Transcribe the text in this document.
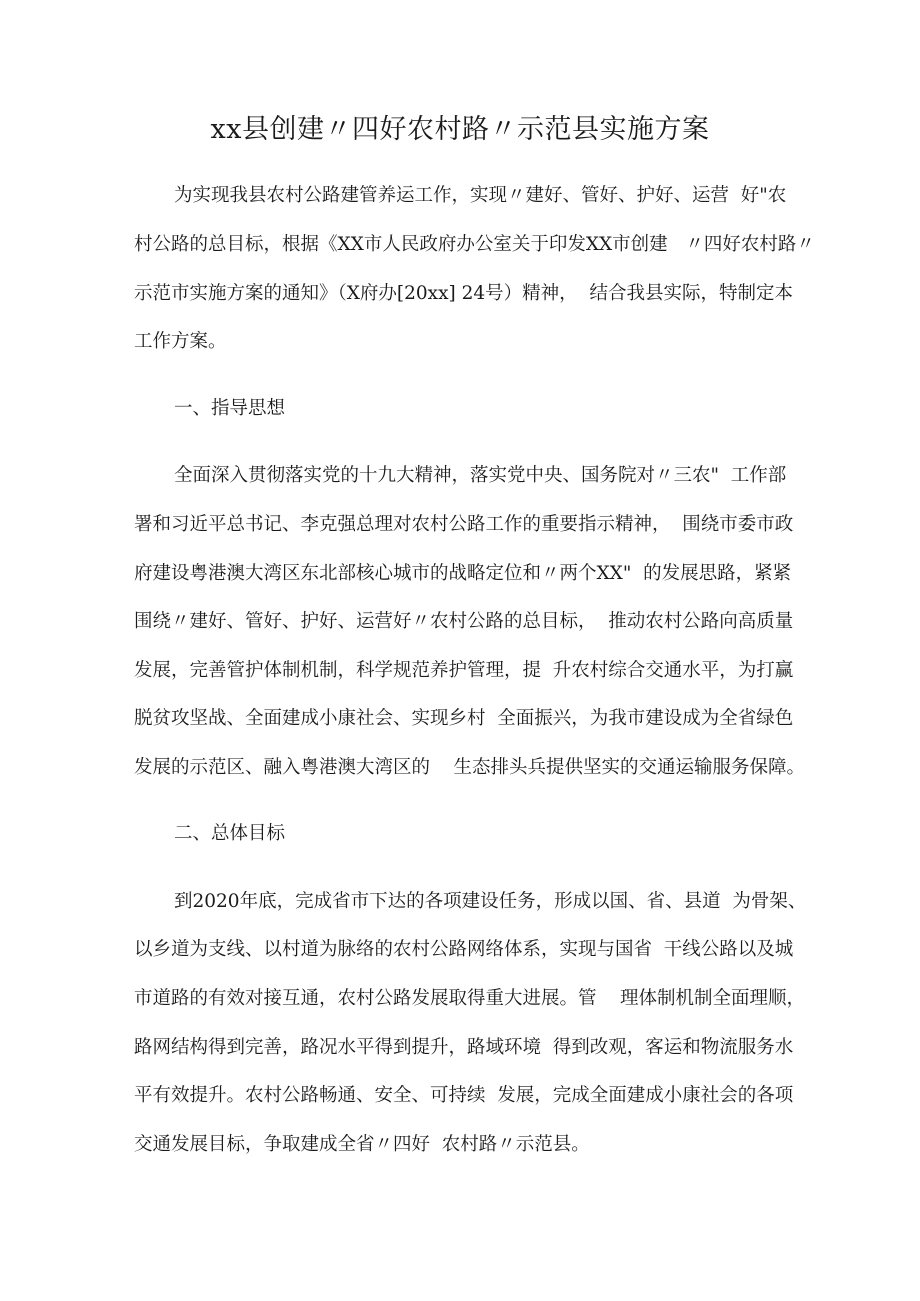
xx县创建〃四好农村路〃示范县实施方案

为实现我县农村公路建管养运工作，实现〃建好、管好、护好、运营  好"农

村公路的总目标，根据《XX市人民政府办公室关于印发XX市创建   〃四好农村路〃

示范市实施方案的通知》（X府办[20xx] 24号）精神，  结合我县实际，特制定本

工作方案。

一、指导思想

全面深入贯彻落实党的十九大精神，落实党中央、国务院对〃三农"  工作部

署和习近平总书记、李克强总理对农村公路工作的重要指示精神，  围绕市委市政

府建设粤港澳大湾区东北部核心城市的战略定位和〃两个XX"  的发展思路，紧紧

围绕〃建好、管好、护好、运营好〃农村公路的总目标，  推动农村公路向高质量

发展，完善管护体制机制，科学规范养护管理，提  升农村综合交通水平，为打赢

脱贫攻坚战、全面建成小康社会、实现乡村  全面振兴，为我市建设成为全省绿色

发展的示范区、融入粤港澳大湾区的    生态排头兵提供坚实的交通运输服务保障。

二、总体目标

到2020年底，完成省市下达的各项建设任务，形成以国、省、县道  为骨架、

以乡道为支线、以村道为脉络的农村公路网络体系，实现与国省  干线公路以及城

市道路的有效对接互通，农村公路发展取得重大进展。管    理体制机制全面理顺，

路网结构得到完善，路况水平得到提升，路域环境  得到改观，客运和物流服务水

平有效提升。农村公路畅通、安全、可持续  发展，完成全面建成小康社会的各项

交通发展目标，争取建成全省〃四好  农村路〃示范县。
